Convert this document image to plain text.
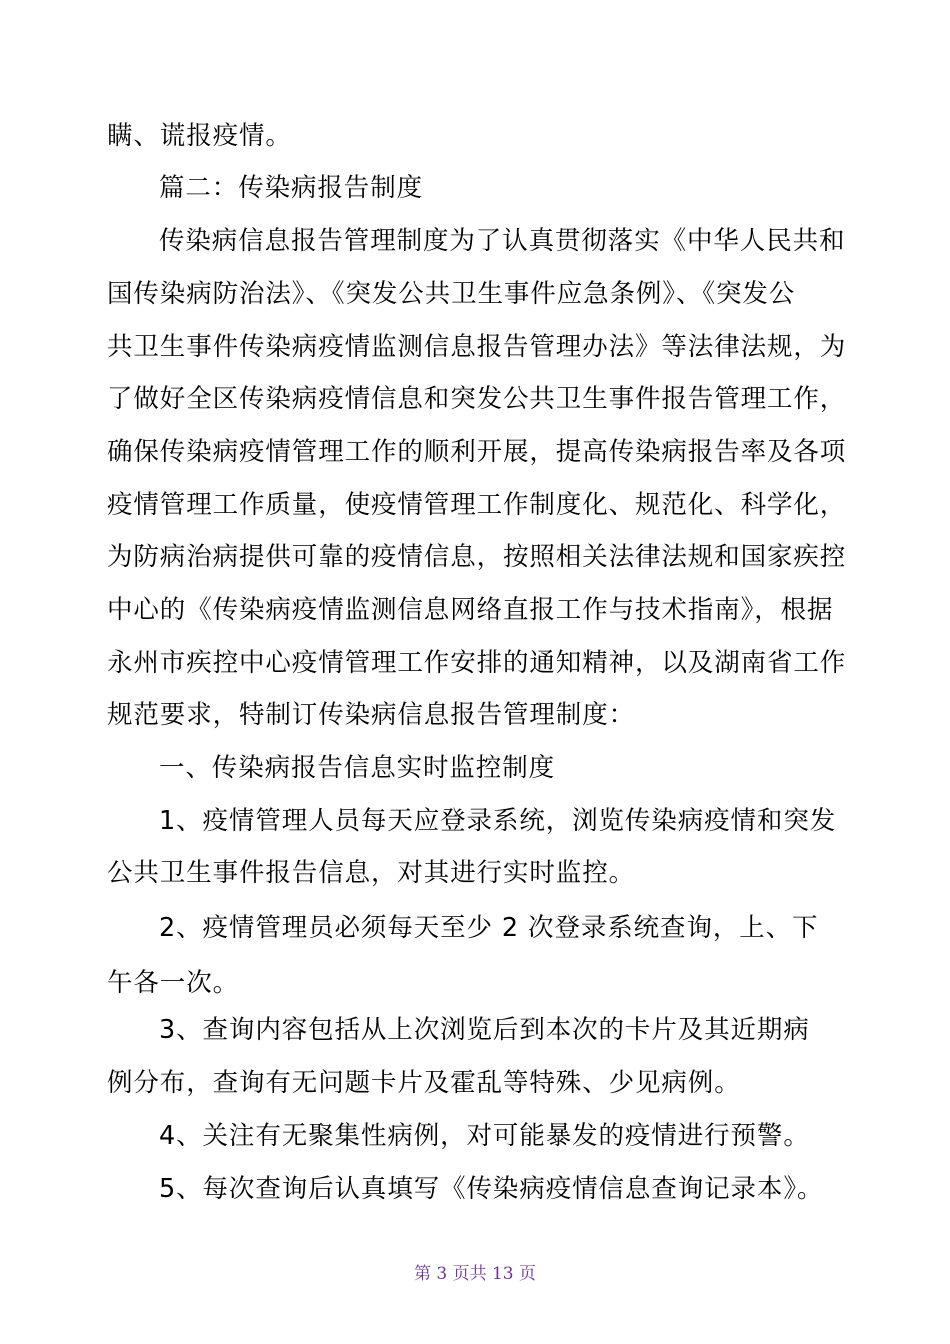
瞒、谎报疫情。
篇二：传染病报告制度
传染病信息报告管理制度为了认真贯彻落实《中华人民共和
国传染病防治法》、《突发公共卫生事件应急条例》、《突发公
共卫生事件传染病疫情监测信息报告管理办法》等法律法规，为
了做好全区传染病疫情信息和突发公共卫生事件报告管理工作，
确保传染病疫情管理工作的顺利开展，提高传染病报告率及各项
疫情管理工作质量，使疫情管理工作制度化、规范化、科学化，
为防病治病提供可靠的疫情信息，按照相关法律法规和国家疾控
中心的《传染病疫情监测信息网络直报工作与技术指南》，根据
永州市疾控中心疫情管理工作安排的通知精神，以及湖南省工作
规范要求，特制订传染病信息报告管理制度：
一、传染病报告信息实时监控制度
1、疫情管理人员每天应登录系统，浏览传染病疫情和突发
公共卫生事件报告信息，对其进行实时监控。
2、疫情管理员必须每天至少 2 次登录系统查询，上、下
午各一次。
3、查询内容包括从上次浏览后到本次的卡片及其近期病
例分布，查询有无问题卡片及霍乱等特殊、少见病例。
4、关注有无聚集性病例，对可能暴发的疫情进行预警。
5、每次查询后认真填写《传染病疫情信息查询记录本》。
第 3 页共 13 页
